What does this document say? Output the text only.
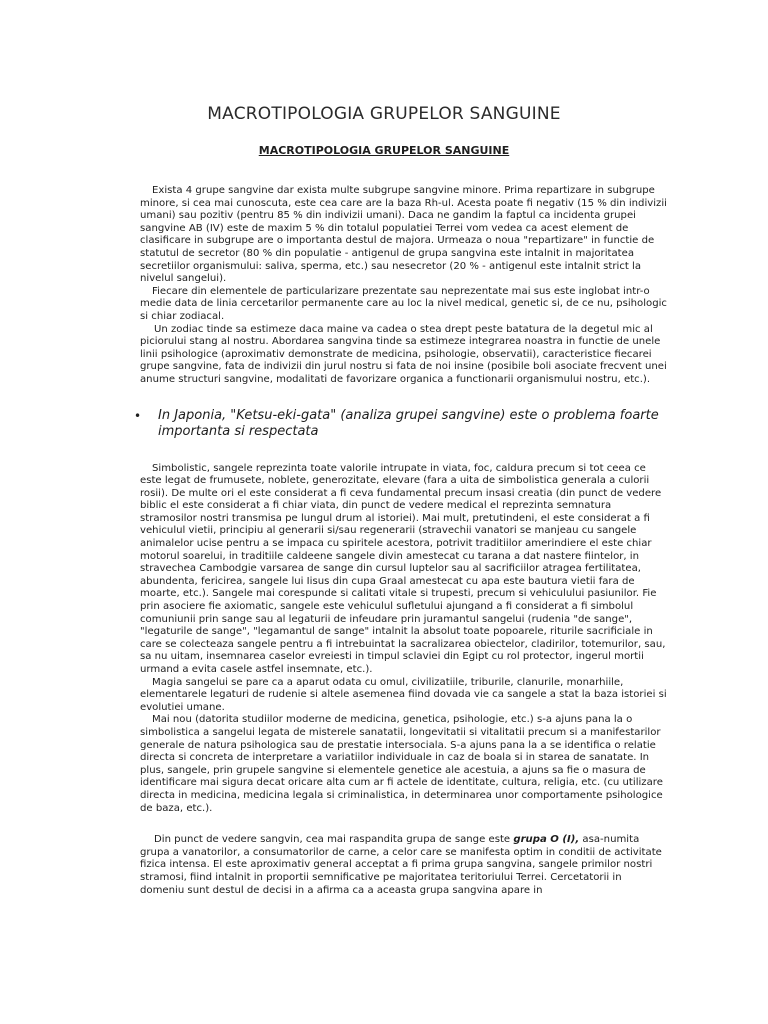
MACROTIPOLOGIA GRUPELOR SANGUINE
MACROTIPOLOGIA GRUPELOR SANGUINE

Exista 4 grupe sangvine dar exista multe subgrupe sangvine minore. Prima repartizare in subgrupe minore, si cea mai cunoscuta, este cea care are la baza Rh-ul. Acesta poate fi negativ (15 % din indivizii umani) sau pozitiv (pentru 85 % din indivizii umani). Daca ne gandim la faptul ca incidenta grupei sangvine AB (IV) este de maxim 5 % din totalul populatiei Terrei vom vedea ca acest element de clasificare in subgrupe are o importanta destul de majora. Urmeaza o noua "repartizare" in functie de statutul de secretor (80 % din populatie - antigenul de grupa sangvina este intalnit in majoritatea secretiilor organismului: saliva, sperma, etc.) sau nesecretor (20 % - antigenul este intalnit strict la nivelul sangelui).

Fiecare din elementele de particularizare prezentate sau neprezentate mai sus este inglobat intr-o medie data de linia cercetarilor permanente care au loc la nivel medical, genetic si, de ce nu, psihologic si chiar zodiacal.

Un zodiac tinde sa estimeze daca maine va cadea o stea drept peste batatura de la degetul mic al piciorului stang al nostru. Abordarea sangvina tinde sa estimeze integrarea noastra in functie de unele linii psihologice (aproximativ demonstrate de medicina, psihologie, observatii), caracteristice fiecarei grupe sangvine, fata de indivizii din jurul nostru si fata de noi insine (posibile boli asociate frecvent unei anume structuri sangvine, modalitati de favorizare organica a functionarii organismului nostru, etc.).

•	In Japonia, "Ketsu-eki-gata" (analiza grupei sangvine) este o problema foarte importanta si respectata

Simbolistic, sangele reprezinta toate valorile intrupate in viata, foc, caldura precum si tot ceea ce este legat de frumusete, noblete, generozitate, elevare (fara a uita de simbolistica generala a culorii rosii). De multe ori el este considerat a fi ceva fundamental precum insasi creatia (din punct de vedere biblic el este considerat a fi chiar viata, din punct de vedere medical el reprezinta semnatura stramosilor nostri transmisa pe lungul drum al istoriei). Mai mult, pretutindeni, el este considerat a fi vehiculul vietii, principiu al generarii si/sau regenerarii (stravechii vanatori se manjeau cu sangele animalelor ucise pentru a se impaca cu spiritele acestora, potrivit traditiilor amerindiere el este chiar motorul soarelui, in traditiile caldeene sangele divin amestecat cu tarana a dat nastere fiintelor, in stravechea Cambodgie varsarea de sange din cursul luptelor sau al sacrificiilor atragea fertilitatea, abundenta, fericirea, sangele lui Iisus din cupa Graal amestecat cu apa este bautura vietii fara de moarte, etc.). Sangele mai corespunde si calitati vitale si trupesti, precum si vehiculului pasiunilor. Fie prin asociere fie axiomatic, sangele este vehiculul sufletului ajungand a fi considerat a fi simbolul comuniunii prin sange sau al legaturii de infeudare prin juramantul sangelui (rudenia "de sange", "legaturile de sange", "legamantul de sange" intalnit la absolut toate popoarele, riturile sacrificiale in care se colecteaza sangele pentru a fi intrebuintat la sacralizarea obiectelor, cladirilor, totemurilor, sau, sa nu uitam, insemnarea caselor evreiesti in timpul sclaviei din Egipt cu rol protector, ingerul mortii urmand a evita casele astfel insemnate, etc.).

Magia sangelui se pare ca a aparut odata cu omul, civilizatiile, triburile, clanurile, monarhiile, elementarele legaturi de rudenie si altele asemenea fiind dovada vie ca sangele a stat la baza istoriei si evolutiei umane.

Mai nou (datorita studiilor moderne de medicina, genetica, psihologie, etc.) s-a ajuns pana la o simbolistica a sangelui legata de misterele sanatatii, longevitatii si vitalitatii precum si a manifestarilor generale de natura psihologica sau de prestatie intersociala. S-a ajuns pana la a se identifica o relatie directa si concreta de interpretare a variatiilor individuale in caz de boala si in starea de sanatate. In plus, sangele, prin grupele sangvine si elementele genetice ale acestuia, a ajuns sa fie o masura de identificare mai sigura decat oricare alta cum ar fi actele de identitate, cultura, religia, etc. (cu utilizare directa in medicina, medicina legala si criminalistica, in determinarea unor comportamente psihologice de baza, etc.).

Din punct de vedere sangvin, cea mai raspandita grupa de sange este grupa O (I), asa-numita grupa a vanatorilor, a consumatorilor de carne, a celor care se manifesta optim in conditii de activitate fizica intensa. El este aproximativ general acceptat a fi prima grupa sangvina, sangele primilor nostri stramosi, fiind intalnit in proportii semnificative pe majoritatea teritoriului Terrei. Cercetatorii in domeniu sunt destul de decisi in a afirma ca a aceasta grupa sangvina apare in
